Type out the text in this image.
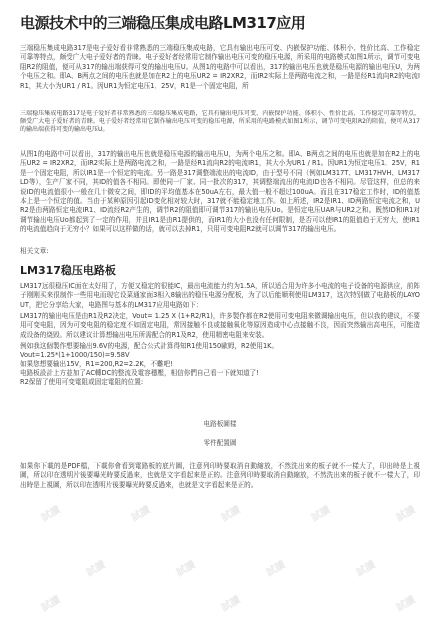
电源技术中的三端稳压集成电路LM317应用

三端稳压集成电路317是电子爱好看非常熟悉的三端稳压集成电路，它具有输出电压可变、内嵌保护功能、体积小、性价比高、工作稳定可靠等特点，颇受广大电子爱好者的青睐。电子爱好者经常用它制作输出电压可变的稳压电源，所采用的电路模式如图1所示，调节可变电阻R2的阻值，便可从317的输出端获得可变的输出电压U。从图1的电路中可以看出，317的输出电压也就是稳压电源的输出电压U，为两个电压之和。即A、B两点之间的电压也就是加在R2上的电压UR2 = IR2XR2，而IR2实际上是两路电流之和，一路是经R1流向R2的电流IR1，其大小为UR1 / R1。因UR1为恒定电压1．25V，R1是一个固定电阻，所

三端稳压集成电路317是电子爱好者非常熟悉的三端稳压集成电路，它具有输出电压可变、内嵌保护功能、体积小、性价比高、工作稳定可靠等特点，颇受广大电子爱好者的青睐。电子爱好者经常用它制作输出电压可变的稳压电源，所采用的电路模式如图1所示，调节可变电阻R2的阻值，便可从317的输出端获得可变的输出电压U。

从图1的电路中可以看出，317的输出电压也就是稳压电源的输出电压U，为两个电压之和。即A、B两点之间的电压也就是加在R2上的电压UR2 = IR2XR2，而IR2实际上是两路电流之和，一路是经R1流向R2的电流IR1，其大小为UR1 / R1。因UR1为恒定电压1．25V，R1是一个固定电阻，所以IR1是一个恒定的电流。另一路是317调整端流出的电流ID，由于型号不同（例如LM317T、LM317HVH、LM317LD等），生产厂家不同，其ID的值各不相同。即使同一厂家、同一批次的317，其调整端流出的电流ID也各不相同。尽管这样，但总的来说ID的电流值很小一般在几十微安之间，即ID的平均值基本在50uA左右，最大值一般不超过100uA。而且在317稳定工作时，ID的值基本上是一个恒定的值。当由于某种原因引起ID变化相对较大时，317就不能稳定地工作。如上所述，IR2是IR1、ID两路恒定电流之和，UR2是由两路恒定电流IR1、ID流经R2产生的，调节R2的阻值即可调节317的输出电压Uo。是恒定电压UAR与UR2之和。既然ID和IR1对调节输出电压Uo都起到了一定的作用，并且IR1是由R1提供的，而IR1的大小也没有任何限制，是否可以使IR1的阻值趋于无穷大，使IR1的电流值趋向于无穷小？如果可以这样做的话，就可以去掉R1，只用可变电阻R2就可以调节317的输出电压。

相关文章:
LM317稳压电路板

LM317远很稳压IC面在太好用了，方便又稳定的很能IC，最出电流能力约为1.5A，所以适合用为许多小电流的电子设备的电源供应，前阵子刚刚买来很制作一些用电而现它设菜通家面3相入8输出的稳压电源分配板，为了以后能顺利使用LM317，这次特别做了电路板的LAYOUT，把它分享给大家，电路图与基本的LM317应用电路如下：

LM317的输出电压是由R1及R2决定，Vout= 1.25 X (1+R2/R1)，许多製作都在R2使用可变电阻来微调输出电压，但以我的建议，不要用可变电阻，因为可变电阻的稳定度不如固定电阻，常因接触不良或接触氧化等原因造成中心点接触不良，因而突然输出高电压，可能造成设备的烧毁。所以建议计算想输出电压所需配合的R1及R2，使用精密电阻来安装。

例如我这個製作想要输出9.6V的电源，配合公式計算得知R1使用150歐姆，R2使用1K。

Vout=1.25*(1+1000/150)=9.58V

如果您想要输出15V，R1=200,R2=2.2K，不難吧!

电路板設計上方並加了AC轉DC的整流及電容穩壓，相信你們自己看一下就知道了!

R2保留了使用可变電阻或固定電阻的位置:

电路板圖樣
零件配置圖

如果你下載的是PDF檔，下載你會看到電路板的底片圖，注意列印時要取消自動縮放，不然洗出來的板子就不一樣大了，印出時是上視圖，所以印在透明片後要曝光時要反過來，也就是文字看起來是正的。注意列印時要取消自動縮放，不然洗出來的板子就不一樣大了，印出時是上視圖，所以印在透明片後要曝光時要反過來，也就是文字看起来是正的。

試讀	試讀	試讀	試讀	試讀
試讀	試讀	試讀	試讀
試讀	試讀	試讀
